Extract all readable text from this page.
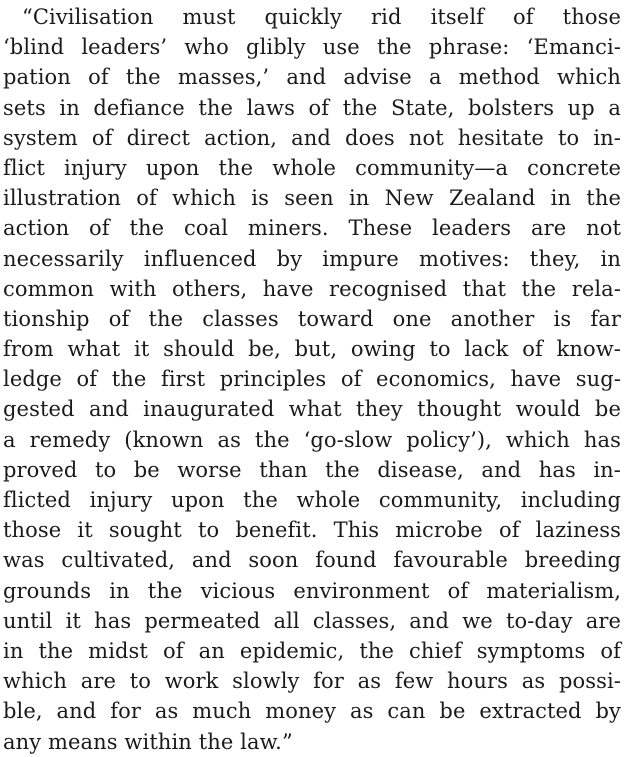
“Civilisation must quickly rid itself of those
‘blind leaders’ who glibly use the phrase: ‘Emanci-
pation of the masses,’ and advise a method which
sets in defiance the laws of the State, bolsters up a
system of direct action, and does not hesitate to in-
flict injury upon the whole community—a concrete
illustration of which is seen in New Zealand in the
action of the coal miners. These leaders are not
necessarily influenced by impure motives: they, in
common with others, have recognised that the rela-
tionship of the classes toward one another is far
from what it should be, but, owing to lack of know-
ledge of the first principles of economics, have sug-
gested and inaugurated what they thought would be
a remedy (known as the ‘go-slow policy’), which has
proved to be worse than the disease, and has in-
flicted injury upon the whole community, including
those it sought to benefit. This microbe of laziness
was cultivated, and soon found favourable breeding
grounds in the vicious environment of materialism,
until it has permeated all classes, and we to-day are
in the midst of an epidemic, the chief symptoms of
which are to work slowly for as few hours as possi-
ble, and for as much money as can be extracted by
any means within the law.”
